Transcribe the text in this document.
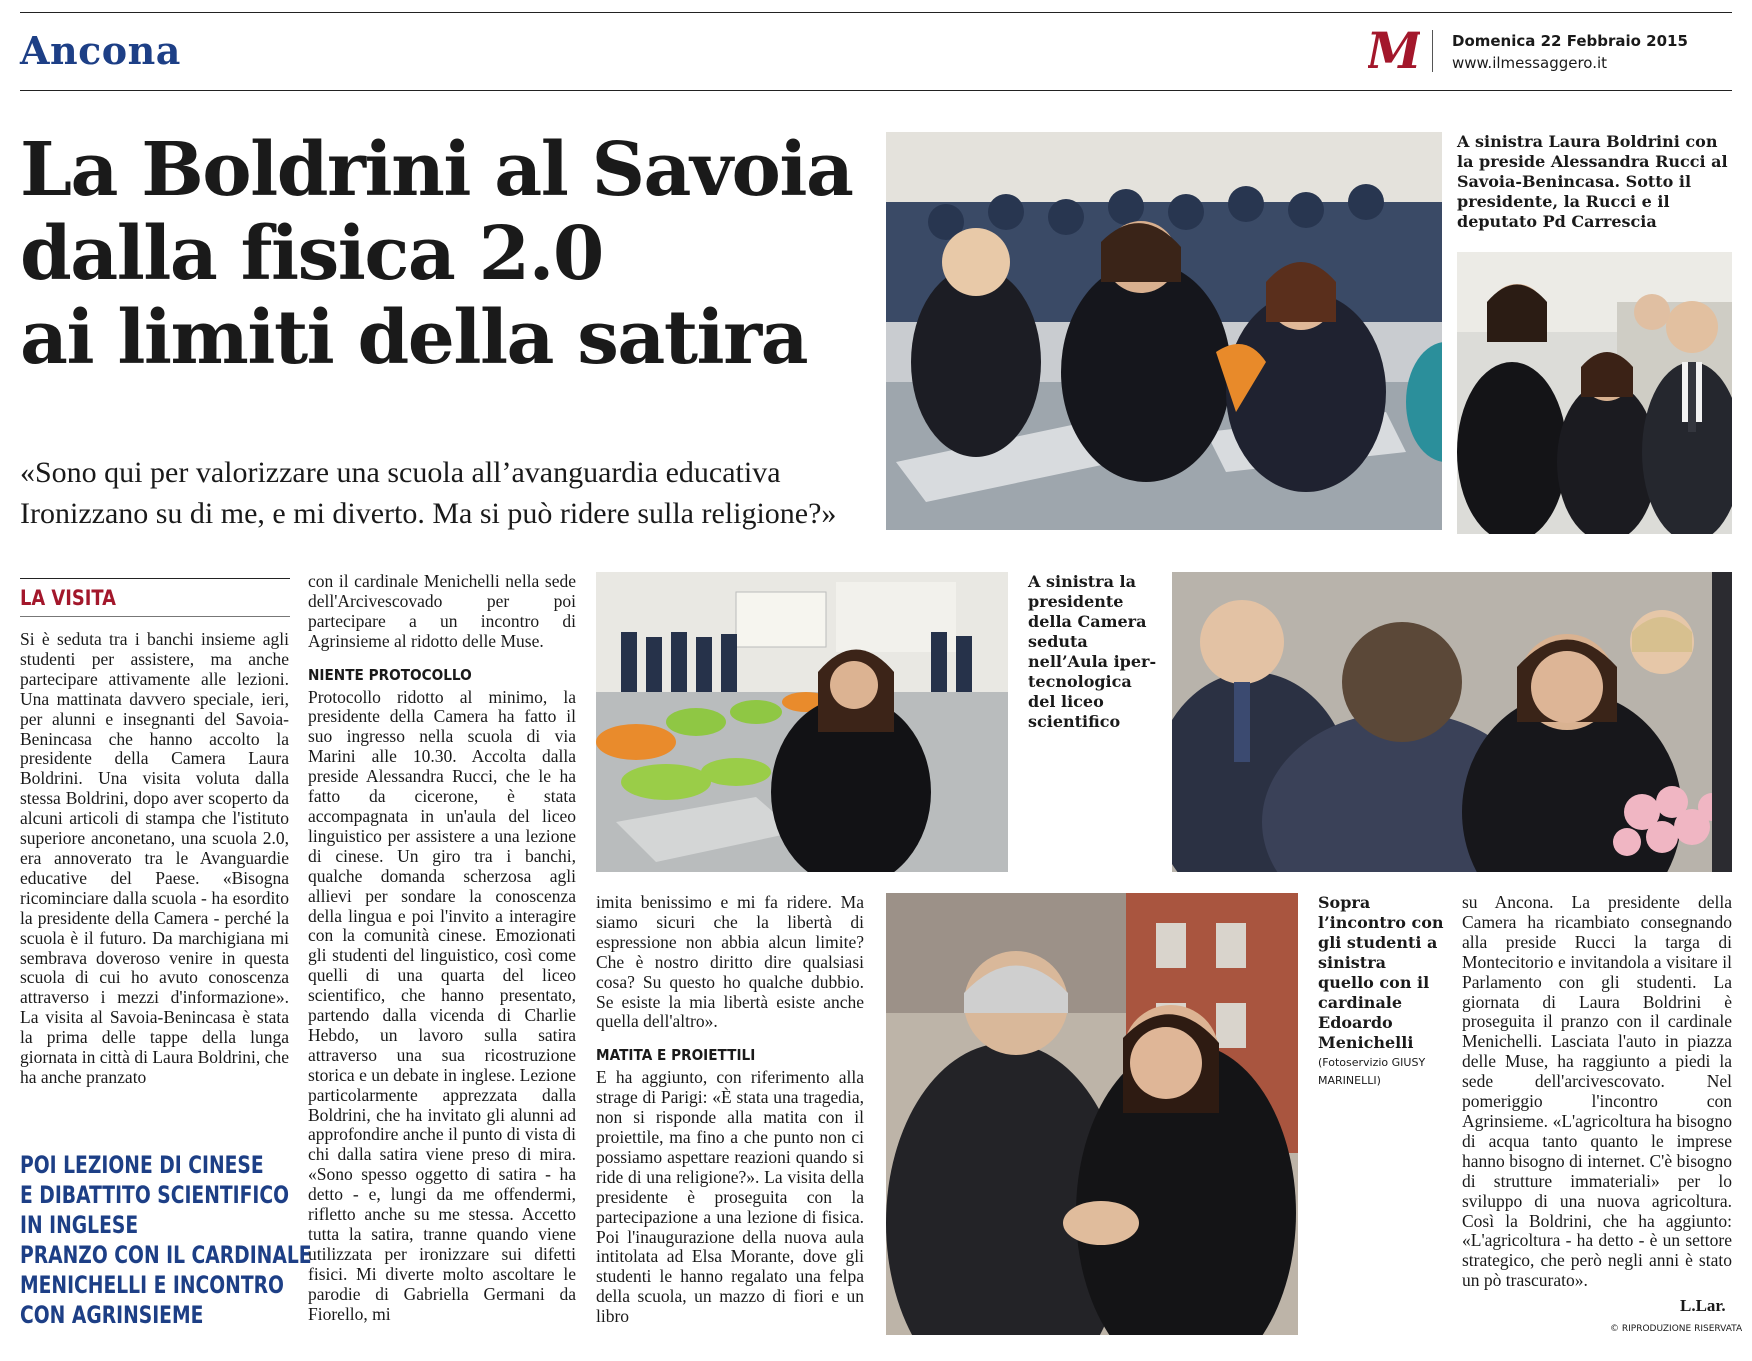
Ancona	M Domenica 22 Febbraio 2015
www.ilmessaggero.it
La Boldrini al Savoia
dalla fisica 2.0
ai limiti della satira
«Sono qui per valorizzare una scuola all’avanguardia educativa
Ironizzano su di me, e mi diverto. Ma si può ridere sulla religione?»
A sinistra Laura Boldrini con la preside Alessandra Rucci al Savoia-Benincasa. Sotto il presidente, la Rucci e il deputato Pd Carrescia
LA VISITA

Si è seduta tra i banchi insieme agli studenti per assistere, ma anche partecipare attivamente alle lezioni. Una mattinata davvero speciale, ieri, per alunni e insegnanti del Savoia-Benincasa che hanno accolto la presidente della Camera Laura Boldrini. Una visita voluta dalla stessa Boldrini, dopo aver scoperto da alcuni articoli di stampa che l'istituto superiore anconetano, una scuola 2.0, era annoverato tra le Avanguardie educative del Paese. «Bisogna ricominciare dalla scuola - ha esordito la presidente della Camera - perché la scuola è il futuro. Da marchigiana mi sembrava doveroso venire in questa scuola di cui ho avuto conoscenza attraverso i mezzi d'informazione». La visita al Savoia-Benincasa è stata la prima delle tappe della lunga giornata in città di Laura Boldrini, che ha anche pranzato

POI LEZIONE DI CINESE
E DIBATTITO SCIENTIFICO
IN INGLESE
PRANZO CON IL CARDINALE
MENICHELLI E INCONTRO
CON AGRINSIEME

con il cardinale Menichelli nella sede dell'Arcivescovado per poi partecipare a un incontro di Agrinsieme al ridotto delle Muse.

NIENTE PROTOCOLLO

Protocollo ridotto al minimo, la presidente della Camera ha fatto il suo ingresso nella scuola di via Marini alle 10.30. Accolta dalla preside Alessandra Rucci, che le ha fatto da cicerone, è stata accompagnata in un'aula del liceo linguistico per assistere a una lezione di cinese. Un giro tra i banchi, qualche domanda scherzosa agli allievi per sondare la conoscenza della lingua e poi l'invito a interagire con la comunità cinese. Emozionati gli studenti del linguistico, così come quelli di una quarta del liceo scientifico, che hanno presentato, partendo dalla vicenda di Charlie Hebdo, un lavoro sulla satira attraverso una sua ricostruzione storica e un debate in inglese. Lezione particolarmente apprezzata dalla Boldrini, che ha invitato gli alunni ad approfondire anche il punto di vista di chi dalla satira viene preso di mira. «Sono spesso oggetto di satira - ha detto - e, lungi da me offendermi, rifletto anche su me stessa. Accetto tutta la satira, tranne quando viene utilizzata per ironizzare sui difetti fisici. Mi diverte molto ascoltare le parodie di Gabriella Germani da Fiorello, mi

A sinistra la presidente della Camera seduta nell’Aula iper-tecnologica del liceo scientifico

imita benissimo e mi fa ridere. Ma siamo sicuri che la libertà di espressione non abbia alcun limite? Che è nostro diritto dire qualsiasi cosa? Su questo ho qualche dubbio. Se esiste la mia libertà esiste anche quella dell'altro».

MATITA E PROIETTILI

E ha aggiunto, con riferimento alla strage di Parigi: «È stata una tragedia, non si risponde alla matita con il proiettile, ma fino a che punto non ci possiamo aspettare reazioni quando si ride di una religione?». La visita della presidente è proseguita con la partecipazione a una lezione di fisica. Poi l'inaugurazione della nuova aula intitolata ad Elsa Morante, dove gli studenti le hanno regalato una felpa della scuola, un mazzo di fiori e un libro

Sopra l’incontro con gli studenti a sinistra quello con il cardinale Edoardo Menichelli
(Fotoservizio GIUSY MARINELLI)

su Ancona. La presidente della Camera ha ricambiato consegnando alla preside Rucci la targa di Montecitorio e invitandola a visitare il Parlamento con gli studenti. La giornata di Laura Boldrini è proseguita il pranzo con il cardinale Menichelli. Lasciata l'auto in piazza delle Muse, ha raggiunto a piedi la sede dell'arcivescovato. Nel pomeriggio l'incontro con Agrinsieme. «L'agricoltura ha bisogno di acqua tanto quanto le imprese hanno bisogno di internet. C'è bisogno di strutture immateriali» per lo sviluppo di una nuova agricoltura. Così la Boldrini, che ha aggiunto: «L'agricoltura - ha detto - è un settore strategico, che però negli anni è stato un pò trascurato».

L.Lar.
© RIPRODUZIONE RISERVATA
